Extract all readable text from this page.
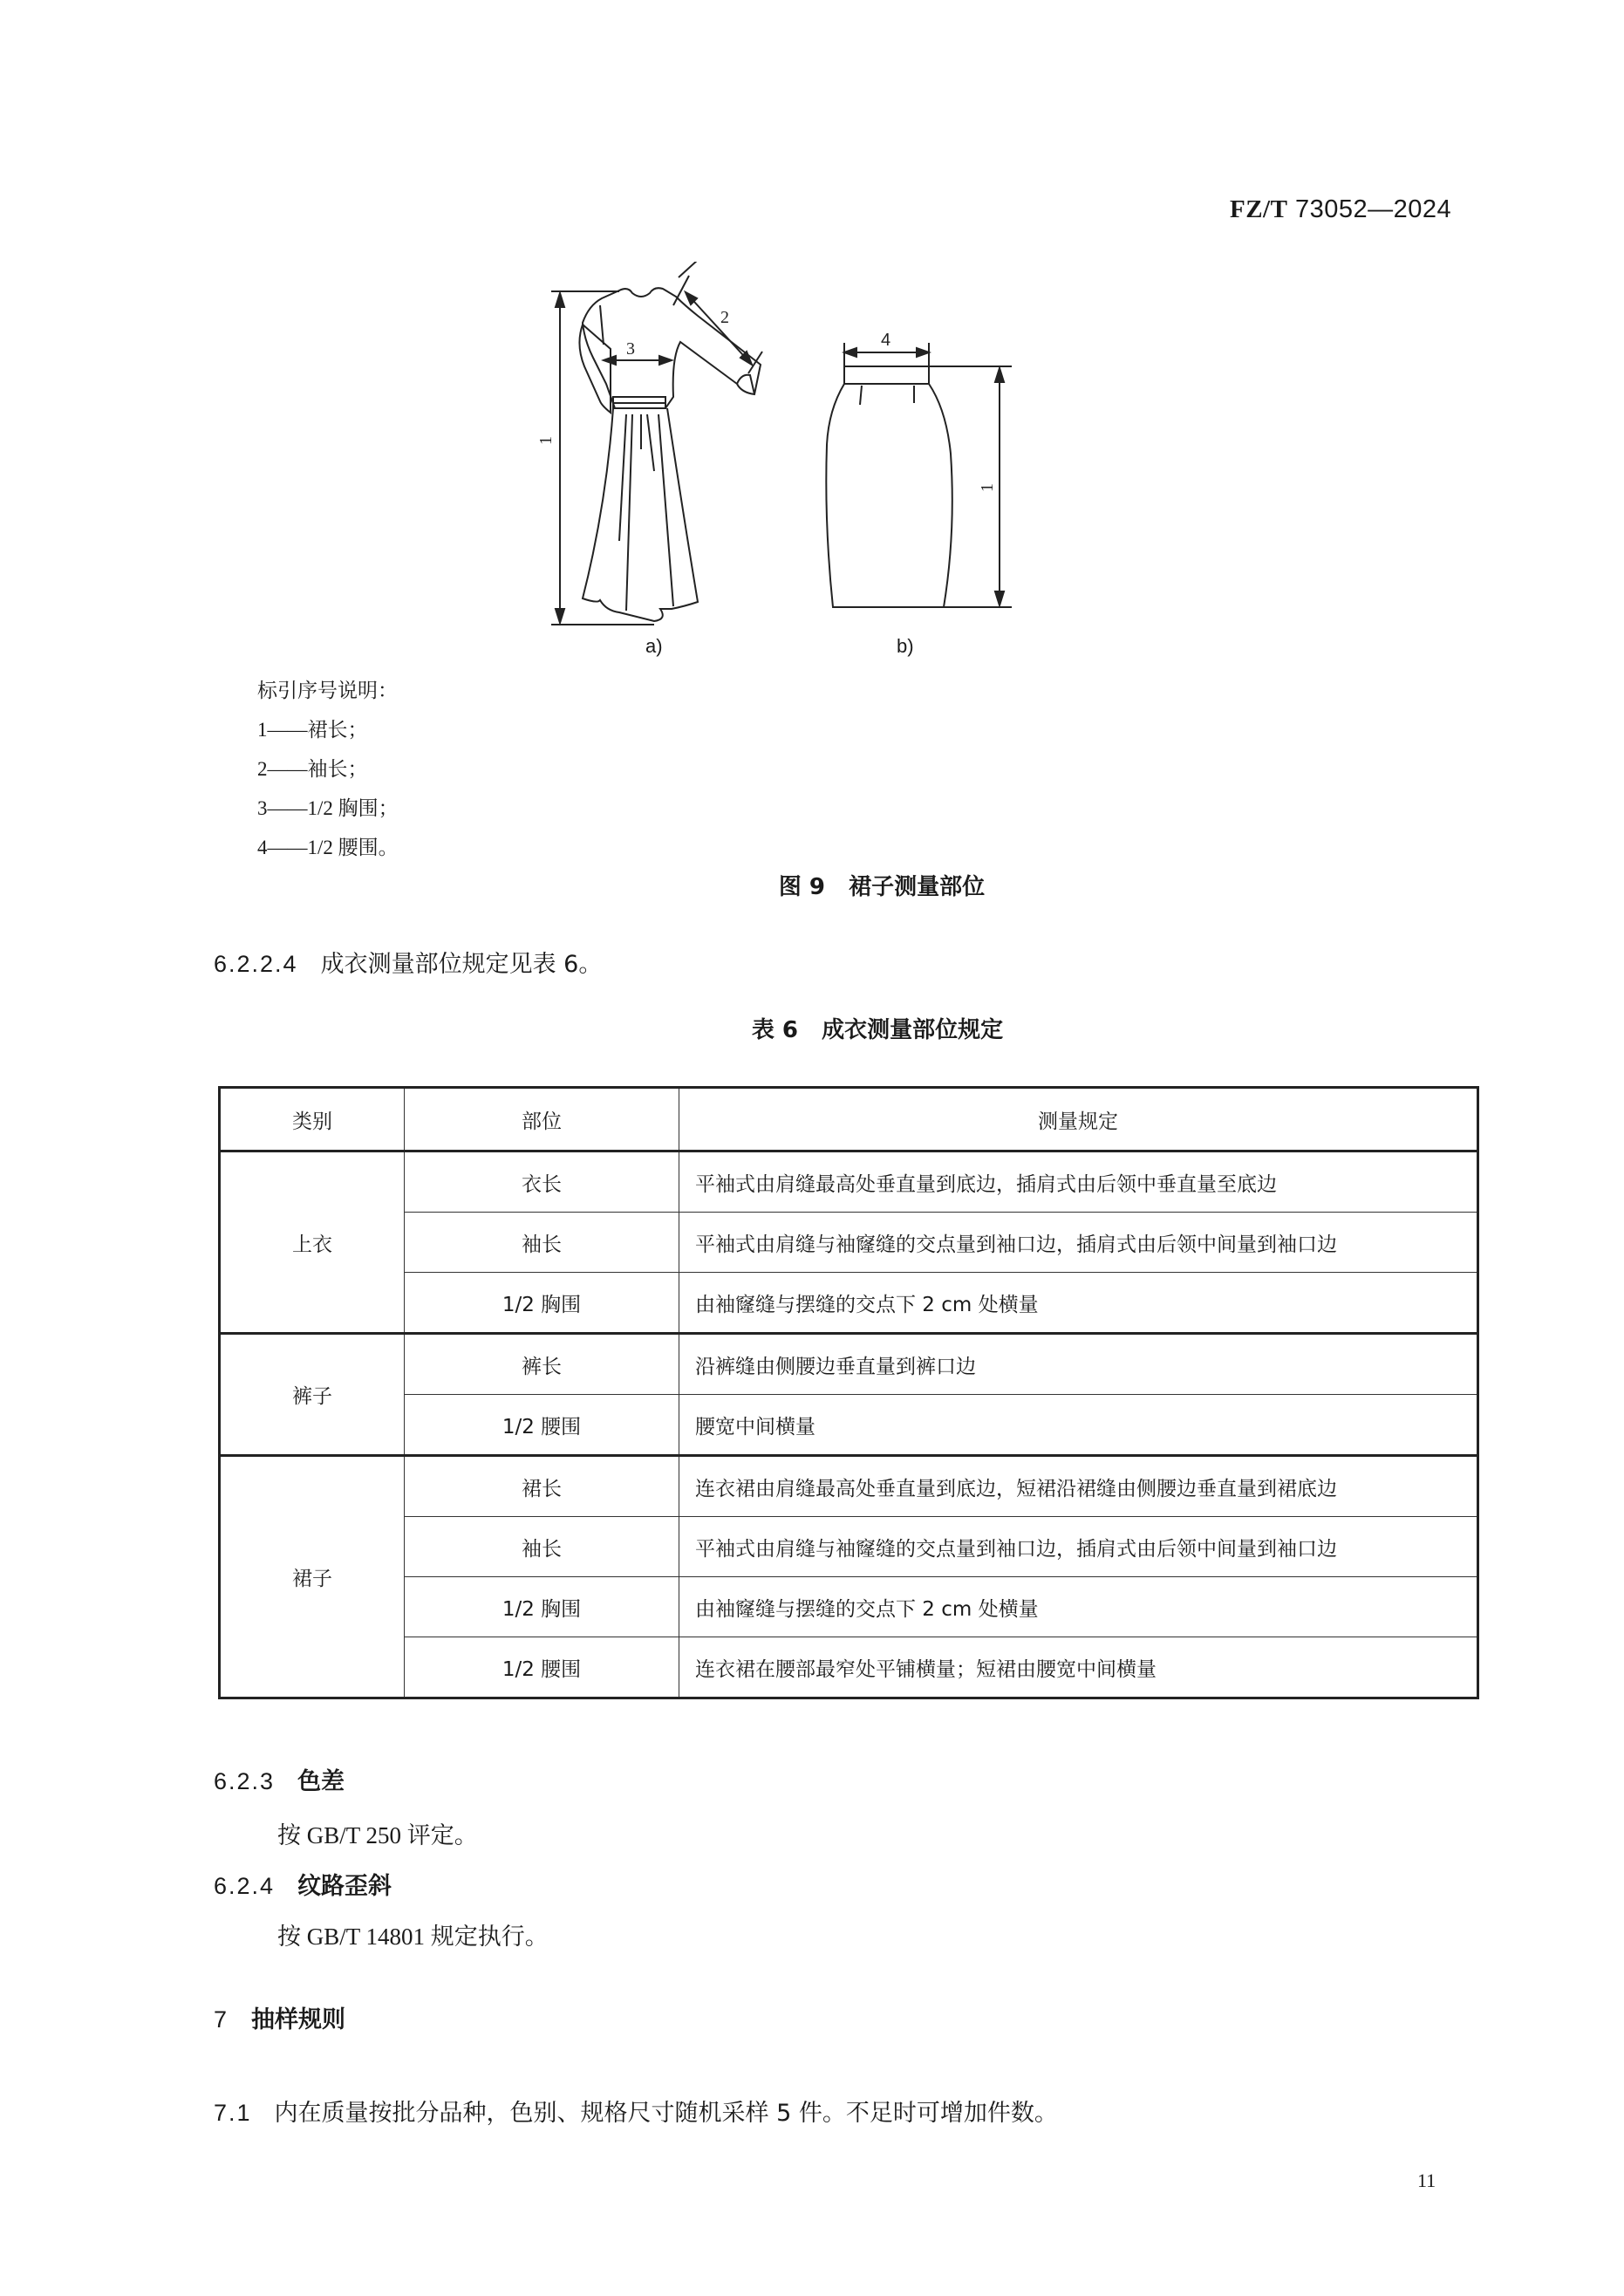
FZ/T 73052—2024
3
2
4
1
1
a)	b)
标引序号说明：
1——裙长；
2——袖长；
3——1/2 胸围；
4——1/2 腰围。
图 9 裙子测量部位
6.2.2.4 成衣测量部位规定见表 6。
表 6 成衣测量部位规定
类别	部位	测量规定
上衣	衣长	平袖式由肩缝最高处垂直量到底边，插肩式由后领中垂直量至底边
	袖长	平袖式由肩缝与袖窿缝的交点量到袖口边，插肩式由后领中间量到袖口边
	1/2 胸围	由袖窿缝与摆缝的交点下 2 cm 处横量
裤子	裤长	沿裤缝由侧腰边垂直量到裤口边
	1/2 腰围	腰宽中间横量
裙子	裙长	连衣裙由肩缝最高处垂直量到底边，短裙沿裙缝由侧腰边垂直量到裙底边
	袖长	平袖式由肩缝与袖窿缝的交点量到袖口边，插肩式由后领中间量到袖口边
	1/2 胸围	由袖窿缝与摆缝的交点下 2 cm 处横量
	1/2 腰围	连衣裙在腰部最窄处平铺横量；短裙由腰宽中间横量
6.2.3 色差
按 GB/T 250 评定。
6.2.4 纹路歪斜
按 GB/T 14801 规定执行。
7 抽样规则
7.1 内在质量按批分品种，色别、规格尺寸随机采样 5 件。不足时可增加件数。
11
